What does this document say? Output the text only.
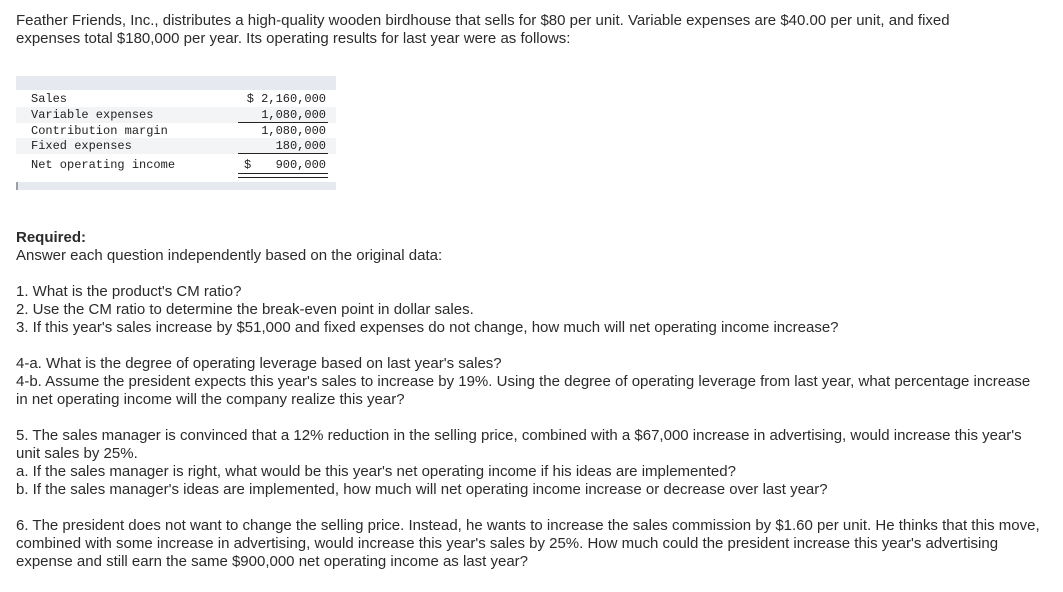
Feather Friends, Inc., distributes a high-quality wooden birdhouse that sells for $80 per unit. Variable expenses are $40.00 per unit, and fixed expenses total $180,000 per year. Its operating results for last year were as follows:

Sales	$ 2,160,000
Variable expenses	1,080,000
Contribution margin	1,080,000
Fixed expenses	180,000
Net operating income	$ 900,000
Required:

Answer each question independently based on the original data:

1. What is the product's CM ratio?

2. Use the CM ratio to determine the break-even point in dollar sales.

3. If this year's sales increase by $51,000 and fixed expenses do not change, how much will net operating income increase?

4-a. What is the degree of operating leverage based on last year's sales?

4-b. Assume the president expects this year's sales to increase by 19%. Using the degree of operating leverage from last year, what percentage increase in net operating income will the company realize this year?

5. The sales manager is convinced that a 12% reduction in the selling price, combined with a $67,000 increase in advertising, would increase this year's unit sales by 25%.

a. If the sales manager is right, what would be this year's net operating income if his ideas are implemented?

b. If the sales manager's ideas are implemented, how much will net operating income increase or decrease over last year?

6. The president does not want to change the selling price. Instead, he wants to increase the sales commission by $1.60 per unit. He thinks that this move, combined with some increase in advertising, would increase this year's sales by 25%. How much could the president increase this year's advertising expense and still earn the same $900,000 net operating income as last year?
